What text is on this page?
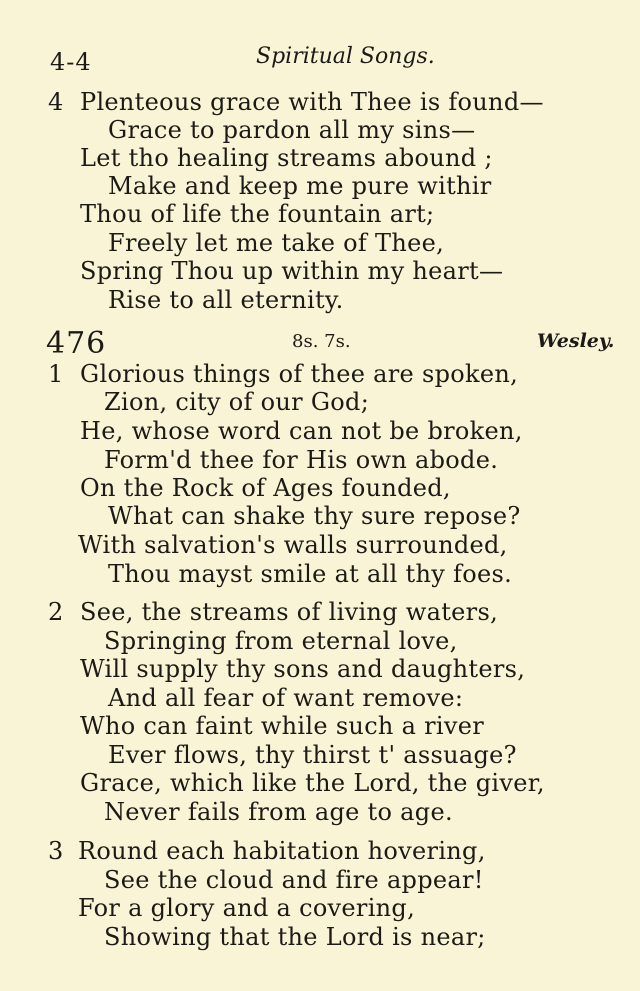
4-4	Spiritual Songs.
4 Plenteous grace with Thee is found—
Grace to pardon all my sins—
Let tho healing streams abound ;
Make and keep me pure withir
Thou of life the fountain art;
Freely let me take of Thee,
Spring Thou up within my heart—
Rise to all eternity.
476	8s. 7s.	Wesley.
1 Glorious things of thee are spoken,
Zion, city of our God;
He, whose word can not be broken,
Form'd thee for His own abode.
On the Rock of Ages founded,
What can shake thy sure repose?
With salvation's walls surrounded,
Thou mayst smile at all thy foes.
2 See, the streams of living waters,
Springing from eternal love,
Will supply thy sons and daughters,
And all fear of want remove:
Who can faint while such a river
Ever flows, thy thirst t' assuage?
Grace, which like the Lord, the giver,
Never fails from age to age.
3 Round each habitation hovering,
See the cloud and fire appear!
For a glory and a covering,
Showing that the Lord is near;
